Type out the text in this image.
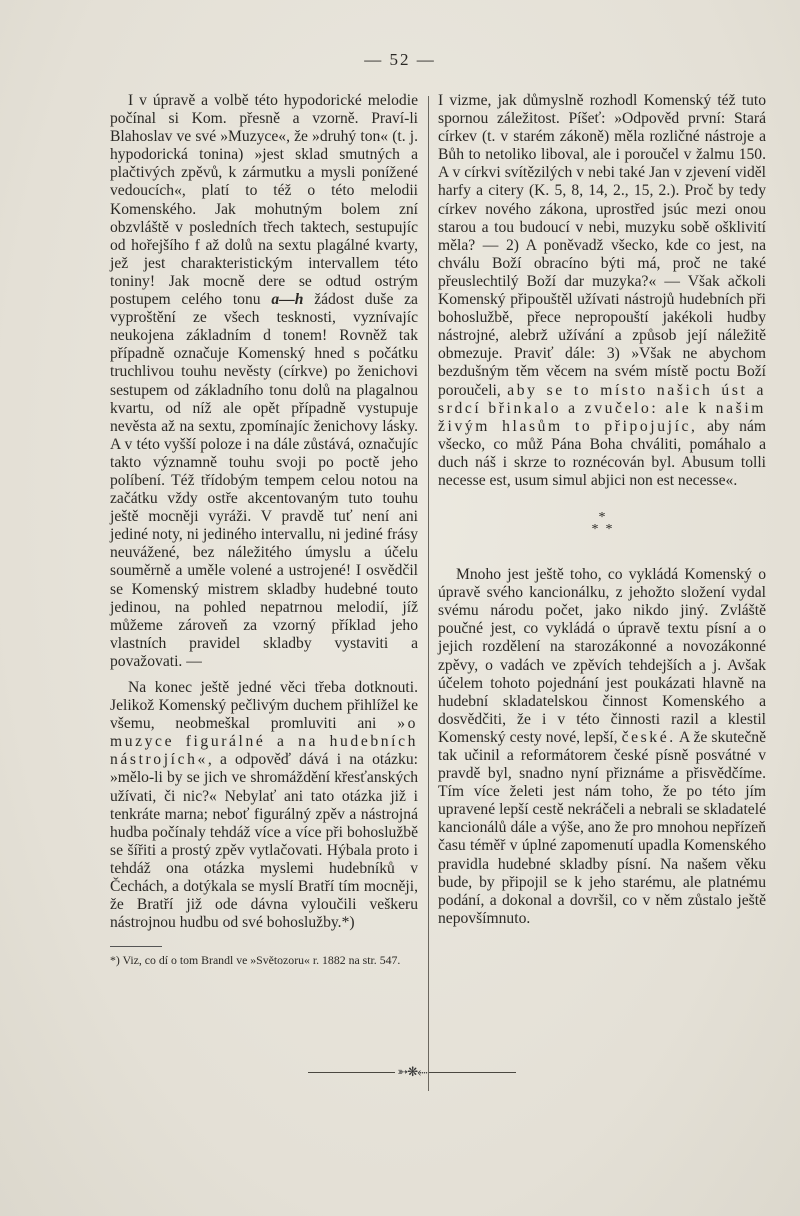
— 52 —

I v úpravě a volbě této hypodorické melodie počínal si Kom. přesně a vzorně. Praví-li Blahoslav ve své »Muzyce«, že »druhý ton« (t. j. hypodorická tonina) »jest sklad smutných a plačtivých zpěvů, k zármutku a mysli ponížené vedoucích«, platí to též o této melodii Komenského. Jak mohutným bolem zní obzvláště v posledních třech taktech, sestupujíc od hořejšího f až dolů na sextu plagálné kvarty, jež jest charakteristickým intervallem této toniny! Jak mocně dere se odtud ostrým postupem celého tonu a—h žádost duše za vyproštění ze všech tesknosti, vyznívajíc neukojena základním d tonem! Rovněž tak případně označuje Komenský hned s počátku truchlivou touhu nevěsty (církve) po ženichovi sestupem od základního tonu dolů na plagalnou kvartu, od níž ale opět případně vystupuje nevěsta až na sextu, zpomínajíc ženichovy lásky. A v této vyšší poloze i na dále zůstává, označujíc takto významně touhu svoji po poctě jeho políbení. Též třídobým tempem celou notou na začátku vždy ostře akcentovaným tuto touhu ještě mocněji vyráži. V pravdě tuť není ani jediné noty, ni jediného intervallu, ni jediné frásy neuvážené, bez náležitého úmyslu a účelu souměrně a uměle volené a ustrojené! I osvědčil se Komenský mistrem skladby hudebné touto jedinou, na pohled nepatrnou melodií, jíž můžeme zároveň za vzorný příklad jeho vlastních pravidel skladby vystaviti a považovati. —

Na konec ještě jedné věci třeba dotknouti. Jelikož Komenský pečlivým duchem přihlížel ke všemu, neobmeškal promluviti ani »o muzyce figurálné a na hudebních nástrojích«, a odpověď dává i na otázku: »mělo-li by se jich ve shromáždění křesťanských užívati, či nic?« Nebylať ani tato otázka již i tenkráte marna; neboť figurálný zpěv a nástrojná hudba počínaly tehdáž více a více při bohoslužbě se šířiti a prostý zpěv vytlačovati. Hýbala proto i tehdáž ona otázka myslemi hudebníků v Čechách, a dotýkala se myslí Bratří tím mocněji, že Bratří již ode dávna vyloučili veškeru nástrojnou hudbu od své bohoslužby.*)

*) Viz, co dí o tom Brandl ve »Světozoru« r. 1882 na str. 547.

I vizme, jak důmyslně rozhodl Komenský též tuto spornou záležitost. Píšeť: »Odpověd první: Stará církev (t. v starém zákoně) měla rozličné nástroje a Bůh to netoliko liboval, ale i poroučel v žalmu 150. A v církvi svítězilých v nebi také Jan v zjevení viděl harfy a citery (K. 5, 8, 14, 2., 15, 2.). Proč by tedy církev nového zákona, uprostřed jsúc mezi onou starou a tou budoucí v nebi, muzyku sobě ošklivití měla? — 2) A poněvadž všecko, kde co jest, na chválu Boží obracíno býti má, proč ne také přeuslechtilý Boží dar muzyka?« — Však ačkoli Komenský připouštěl užívati nástrojů hudebních při bohoslužbě, přece nepropouští jakékoli hudby nástrojné, alebrž užívání a způsob její náležitě obmezuje. Praviť dále: 3) »Však ne abychom bezdušným těm věcem na svém místě poctu Boží poroučeli, aby se to místo našich úst a srdcí břinkalo a zvučelo: ale k našim živým hlasům to připojujíc, aby nám všecko, co můž Pána Boha chváliti, pomáhalo a duch náš i skrze to roznécován byl. Abusum tolli necesse est, usum simul abjici non est necesse«.

*
*  *

Mnoho jest ještě toho, co vykládá Komenský o úpravě svého kancionálku, z jehožto složení vydal svému národu počet, jako nikdo jiný. Zvláště poučné jest, co vykládá o úpravě textu písní a o jejich rozdělení na starozákonné a novozákonné zpěvy, o vadách ve zpěvích tehdejších a j. Avšak účelem tohoto pojednání jest poukázati hlavně na hudební skladatelskou činnost Komenského a dosvědčiti, že i v této činnosti razil a klestil Komenský cesty nové, lepší, české. A že skutečně tak učinil a reformátorem české písně posvátné v pravdě byl, snadno nyní přiznáme a přisvědčíme. Tím více želeti jest nám toho, že po této jím upravené lepší cestě nekráčeli a nebrali se skladatelé kancionálů dále a výše, ano že pro mnohou nepřízeň času téměř v úplné zapomenutí upadla Komenského pravidla hudebné skladby písní. Na našem věku bude, by připojil se k jeho starému, ale platnému podání, a dokonal a dovršil, co v něm zůstalo ještě nepovšímnuto.

➳❋⬸
